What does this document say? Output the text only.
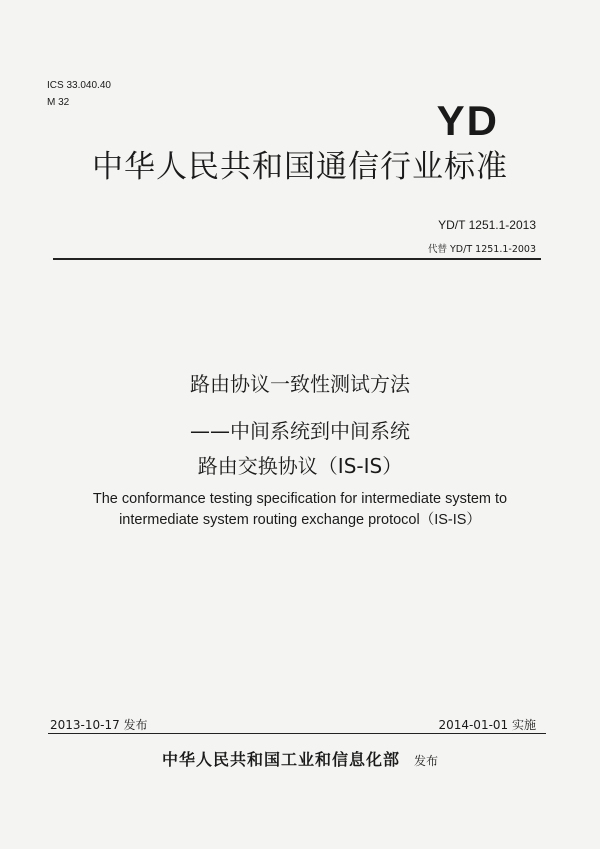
ICS 33.040.40
M 32	YD
中华人民共和国通信行业标准
YD/T 1251.1-2013
代替 YD/T 1251.1-2003
路由协议一致性测试方法
——中间系统到中间系统
路由交换协议（IS-IS）
The conformance testing specification for intermediate system to
intermediate system routing exchange protocol（IS-IS）
2013-10-17 发布	2014-01-01 实施
中华人民共和国工业和信息化部 发布
